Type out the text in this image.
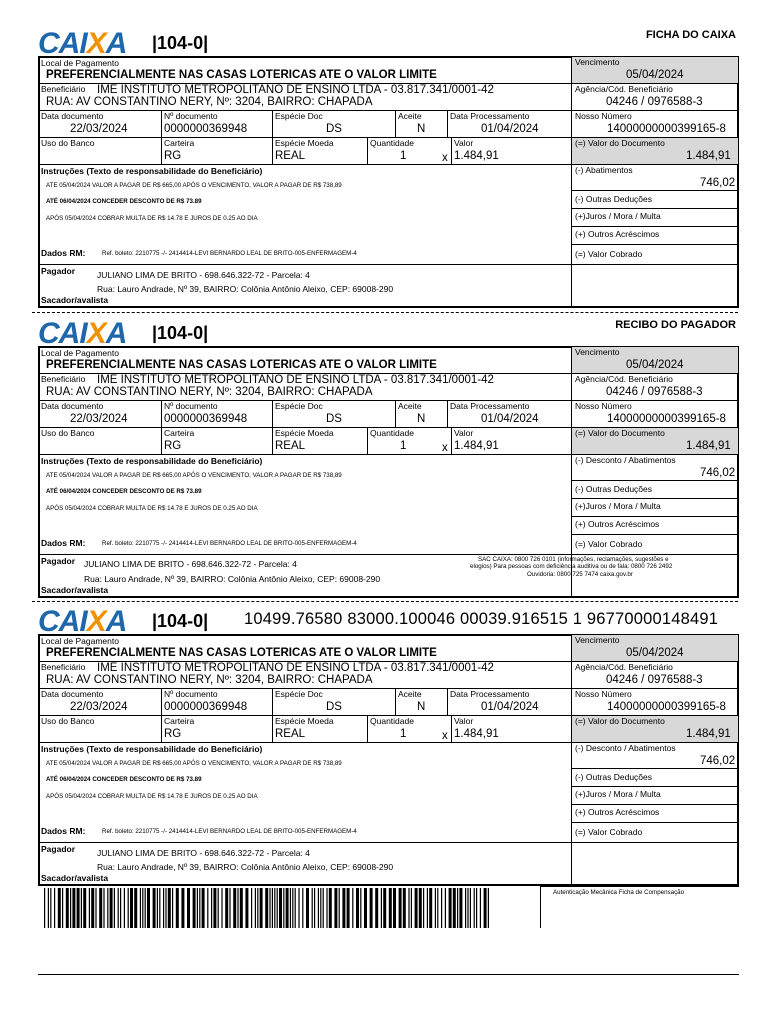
CAIXA |104-0|	FICHA DO CAIXA
Local de Pagamento
PREFERENCIALMENTE NAS CASAS LOTERICAS ATE O VALOR LIMITE
Vencimento
05/04/2024
Beneficiário IME INSTITUTO METROPOLITANO DE ENSINO LTDA - 03.817.341/0001-42
RUA: AV CONSTANTINO NERY, Nº: 3204, BAIRRO: CHAPADA
Agência/Cód. Beneficiário
04246 / 0976588-3
Data documento
22/03/2024
Nº documento
0000000369948
Espécie Doc
DS
Aceite
N
Data Processamento
01/04/2024
Nosso Número
14000000000399165-8
Uso do Banco	Carteira
RG
Espécie Moeda
REAL
Quantidade
1	x
Valor
1.484,91
(=) Valor do Documento
1.484,91
Instruções (Texto de responsabilidade do Beneficiário)
ATE 05/04/2024 VALOR A PAGAR DE R$ 665,00 APÓS O VENCIMENTO, VALOR A PAGAR DE R$ 738,89
ATÉ 06/04/2024 CONCEDER DESCONTO DE R$ 73.89
APÓS 05/04/2024 COBRAR MULTA DE R$ 14.78 E JUROS DE 0.25 AO DIA
Dados RM:	Ref. boleto: 2210775 -/- 2414414-LEVI BERNARDO LEAL DE BRITO-005-ENFERMAGEM-4
(-) Abatimentos
746,02
(-) Outras Deduções
(+)Juros / Mora / Multa
(+) Outros Acréscimos
(=) Valor Cobrado
Pagador	JULIANO LIMA DE BRITO - 698.646.322-72 - Parcela: 4
Rua: Lauro Andrade, Nº 39, BAIRRO: Colônia Antônio Aleixo, CEP: 69008-290
Sacador/avalista
CAIXA |104-0|	RECIBO DO PAGADOR
Local de Pagamento
PREFERENCIALMENTE NAS CASAS LOTERICAS ATE O VALOR LIMITE
Vencimento
05/04/2024
Beneficiário IME INSTITUTO METROPOLITANO DE ENSINO LTDA - 03.817.341/0001-42
RUA: AV CONSTANTINO NERY, Nº: 3204, BAIRRO: CHAPADA
Agência/Cód. Beneficiário
04246 / 0976588-3
Data documento
22/03/2024
Nº documento
0000000369948
Espécie Doc
DS
Aceite
N
Data Processamento
01/04/2024
Nosso Número
14000000000399165-8
Uso do Banco	Carteira
RG
Espécie Moeda
REAL
Quantidade
1	x
Valor
1.484,91
(=) Valor do Documento
1.484,91
Instruções (Texto de responsabilidade do Beneficiário)
ATE 05/04/2024 VALOR A PAGAR DE R$ 665,00 APÓS O VENCIMENTO, VALOR A PAGAR DE R$ 738,89
ATÉ 06/04/2024 CONCEDER DESCONTO DE R$ 73.89
APÓS 05/04/2024 COBRAR MULTA DE R$ 14.78 E JUROS DE 0.25 AO DIA
Dados RM:	Ref. boleto: 2210775 -/- 2414414-LEVI BERNARDO LEAL DE BRITO-005-ENFERMAGEM-4
(-) Desconto / Abatimentos
746,02
(-) Outras Deduções
(+)Juros / Mora / Multa
(+) Outros Acréscimos
(=) Valor Cobrado
Pagador JULIANO LIMA DE BRITO - 698.646.322-72 - Parcela: 4
Rua: Lauro Andrade, Nº 39, BAIRRO: Colônia Antônio Aleixo, CEP: 69008-290
Sacador/avalista
CAIXA |104-0|
Local de Pagamento
PREFERENCIALMENTE NAS CASAS LOTERICAS ATE O VALOR LIMITE
Vencimento
05/04/2024
Beneficiário IME INSTITUTO METROPOLITANO DE ENSINO LTDA - 03.817.341/0001-42
RUA: AV CONSTANTINO NERY, Nº: 3204, BAIRRO: CHAPADA
Agência/Cód. Beneficiário
04246 / 0976588-3
Data documento
22/03/2024
Nº documento
0000000369948
Espécie Doc
DS
Aceite
N
Data Processamento
01/04/2024
Nosso Número
14000000000399165-8
Uso do Banco	Carteira
RG
Espécie Moeda
REAL
Quantidade
1	x
Valor
1.484,91
(=) Valor do Documento
1.484,91
Instruções (Texto de responsabilidade do Beneficiário)
ATE 05/04/2024 VALOR A PAGAR DE R$ 665,00 APÓS O VENCIMENTO, VALOR A PAGAR DE R$ 738,89
ATÉ 06/04/2024 CONCEDER DESCONTO DE R$ 73.89
APÓS 05/04/2024 COBRAR MULTA DE R$ 14.78 E JUROS DE 0.25 AO DIA
Dados RM:	Ref. boleto: 2210775 -/- 2414414-LEVI BERNARDO LEAL DE BRITO-005-ENFERMAGEM-4
(-) Desconto / Abatimentos
746,02
(-) Outras Deduções
(+)Juros / Mora / Multa
(+) Outros Acréscimos
(=) Valor Cobrado
Pagador	JULIANO LIMA DE BRITO - 698.646.322-72 - Parcela: 4
Rua: Lauro Andrade, Nº 39, BAIRRO: Colônia Antônio Aleixo, CEP: 69008-290
Sacador/avalista
SAC CAIXA: 0800 726 0101 (informações, reclamações, sugestões e
elogios) Para pessoas com deficiência auditiva ou de fala: 0800 726 2492
Ouvidoria: 0800 725 7474 caixa.gov.br
10499.76580 83000.100046 00039.916515 1 96770000148491
Autenticação Mecânica Ficha de Compensação
